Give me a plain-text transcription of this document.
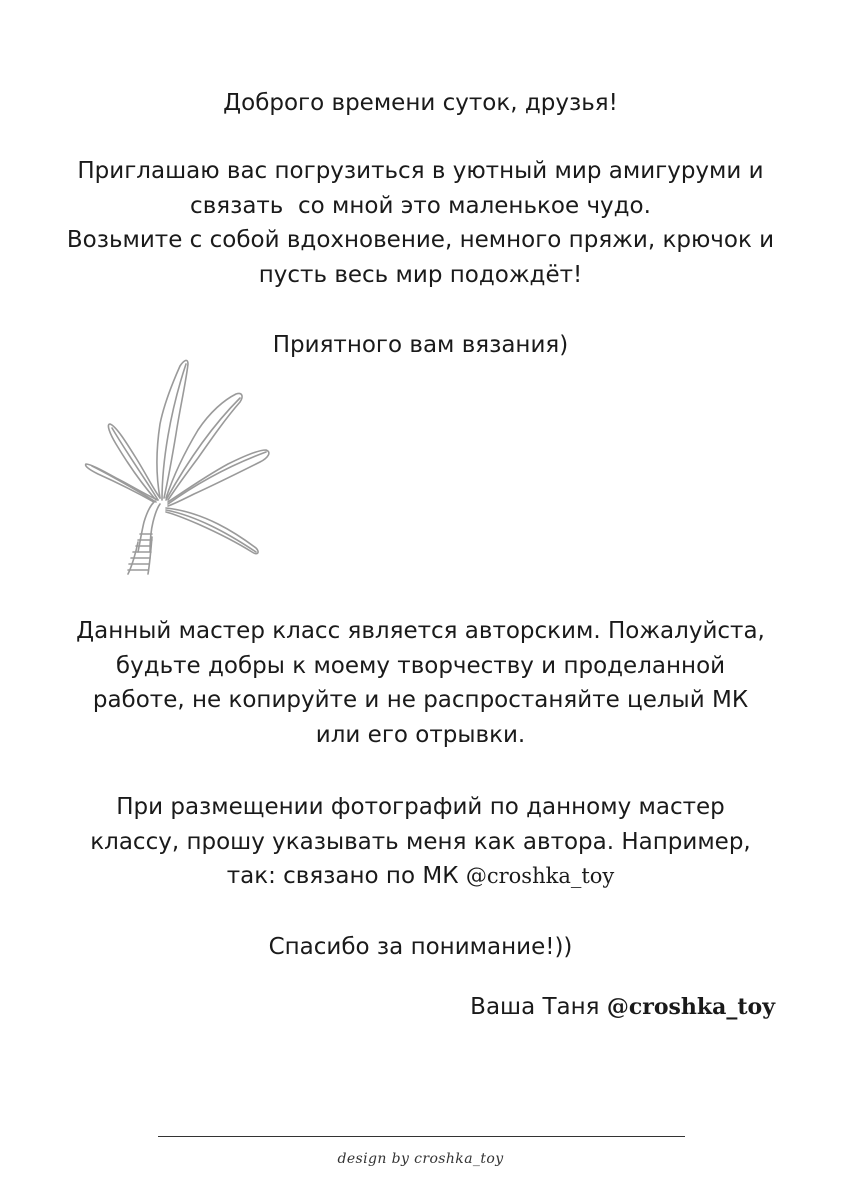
Доброго времени суток, друзья!
Приглашаю вас погрузиться в уютный мир амигуруми и
связать  со мной это маленькое чудо.
Возьмите с собой вдохновение, немного пряжи, крючок и
пусть весь мир подождёт!
Приятного вам вязания)
Данный мастер класс является авторским. Пожалуйста,
будьте добры к моему творчеству и проделанной
работе, не копируйте и не распростаняйте целый МК
или его отрывки.
При размещении фотографий по данному мастер
классу, прошу указывать меня как автора. Например,
так: связано по МК @croshka_toy
Спасибо за понимание!))
Ваша Таня @croshka_toy
design by croshka_toy
